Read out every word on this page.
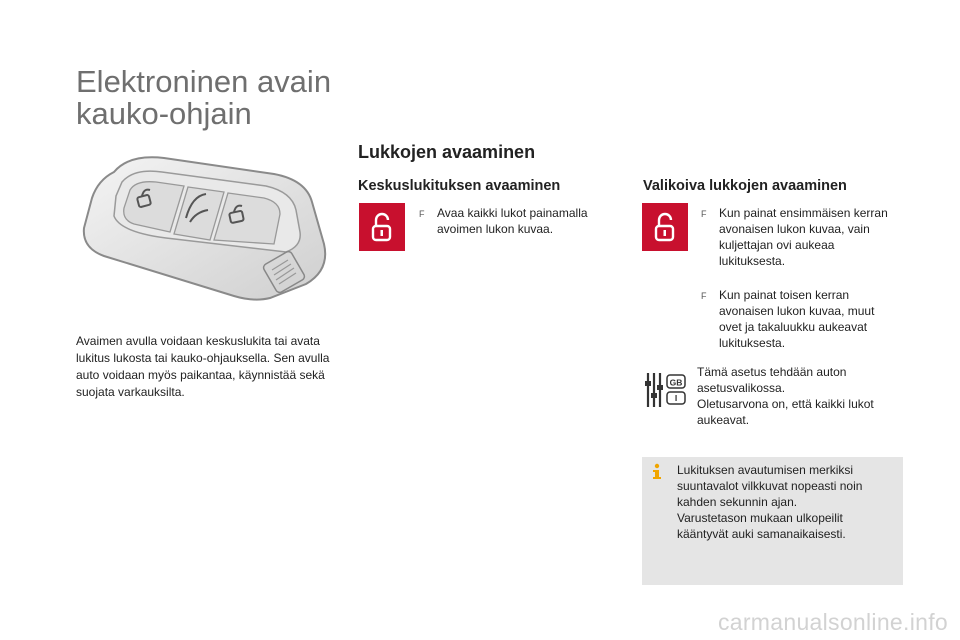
Elektroninen avain
kauko-ohjain
Avaimen avulla voidaan keskuslukita tai avata lukitus lukosta tai kauko-ohjauksella. Sen avulla auto voidaan myös paikantaa, käynnistää sekä suojata varkauksilta.
Lukkojen avaaminen
Keskuslukituksen avaaminen	Valikoiva lukkojen avaaminen
F	Avaa kaikki lukot painamalla avoimen lukon kuvaa.
F	Kun painat ensimmäisen kerran avonaisen lukon kuvaa, vain kuljettajan ovi aukeaa lukituksesta.
F	Kun painat toisen kerran avonaisen lukon kuvaa, muut ovet ja takaluukku aukeavat lukituksesta.
GB
I
Tämä asetus tehdään auton asetusvalikossa.
Oletusarvona on, että kaikki lukot aukeavat.
Lukituksen avautumisen merkiksi suuntavalot vilkkuvat nopeasti noin kahden sekunnin ajan.
Varustetason mukaan ulkopeilit kääntyvät auki samanaikaisesti.
carmanualsonline.info
